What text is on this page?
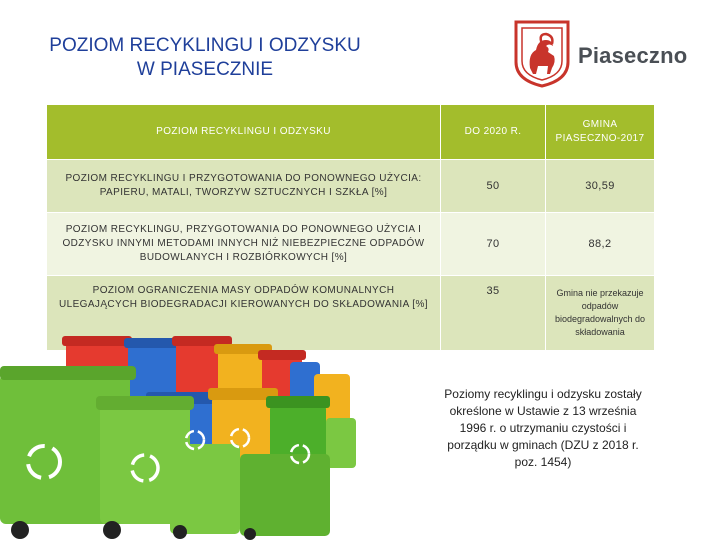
POZIOM RECYKLINGU I ODZYSKU
W PIASECZNIE
Piaseczno
POZIOM RECYKLINGU I ODZYSKU	DO 2020 R.	GMINA PIASECZNO-2017
POZIOM RECYKLINGU I PRZYGOTOWANIA DO PONOWNEGO UŻYCIA: PAPIERU, MATALI, TWORZYW SZTUCZNYCH I SZKŁA [%]	50	30,59
POZIOM RECYKLINGU, PRZYGOTOWANIA DO PONOWNEGO UŻYCIA I ODZYSKU INNYMI METODAMI INNYCH NIŻ NIEBEZPIECZNE ODPADÓW BUDOWLANYCH I ROZBIÓRKOWYCH [%]	70	88,2
POZIOM OGRANICZENIA MASY ODPADÓW KOMUNALNYCH ULEGAJĄCYCH BIODEGRADACJI KIEROWANYCH DO SKŁADOWANIA [%]	35	Gmina nie przekazuje odpadów biodegradowalnych do składowania
Poziomy recyklingu i odzysku zostały określone w Ustawie z 13 września 1996 r. o utrzymaniu czystości i porządku w gminach (DZU z 2018 r. poz. 1454)
